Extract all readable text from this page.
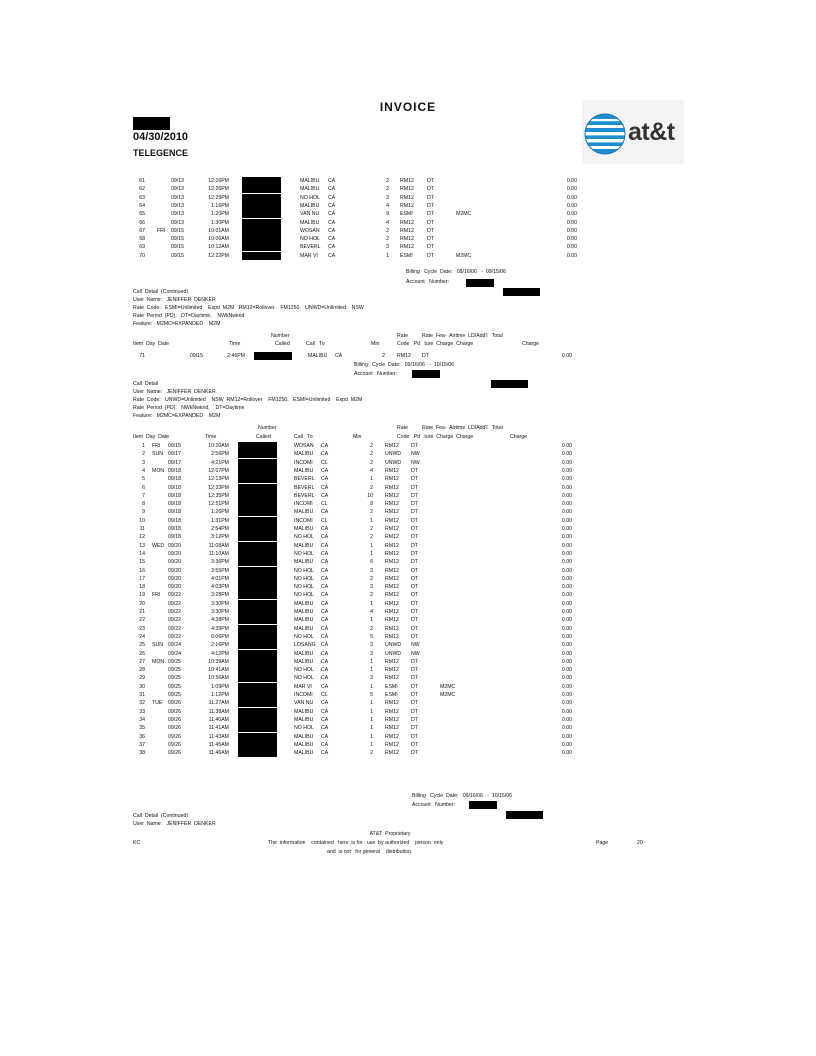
INVOICE
04/30/2010
TELEGENCE

at&t

61	09/13	12:16PM	MALIBU CA	2 RM12	DT	0.00
62	09/13	12:26PM	MALIBU CA	2 RM12	DT	0.00
63	09/13	12:29PM	NO HOL CA	3 RM12	DT	0.00
64	09/13	1:16PM	MALIBU CA	4 RM12	DT	0.00
65	09/13	1:20PM	VAN NU CA	9 ESMI	DT	M2MC	0.00
66	09/13	1:30PM	MALIBU CA	4 RM12	DT	0.00
67 FRI 09/15	10:01AM	WOSAN CA	2 RM12	DT	0.00
68	09/15	10:06AM	NO HOL CA	2 RM12	DT	0.00
69	09/15	10:12AM	BEVERL CA	3 RM12	DT	0.00
70	09/15	12:22PM	MAR VI CA	1 ESMI	DT	M2MC	0.00
Billing   Cycle  Date:   08/16/06   -  09/15/06
Account   Number:
Call  Detail  (Continued)
User  Name:   JENIFFER  DENKER
Rate  Code:   ESMI=Unlimited    Expd  M2M   RM12=Rollover    FM1250,   UNWD=Unlimited    NSW
Rate  Period  (PD):   DT=Daytime,    NWkNwknd
Feature:   M2MC=EXPANDED    M2M
Number	Rate	Rate  Fea-  Airtime  LD/Add'l   Total
Item  Day  Date	Time	Called	Call   To	Min	Code   Pd   ture  Charge  Charge	Charge
71	09/15	2:46PM	MALIBU CA	2 RM12 DT	0.00
Billing   Cycle  Date:   09/16/06   -  10/15/06
Account   Number:
Call  Detail
User  Name:   JENIFFER  DENKER
Rate  Code:   UNWD=Unlimited    NSW  RM12=Rollover    FM1250,   ESMI=Unlimited    Expd  M2M
Rate  Period  (PD):   NWkNwknd,    DT=Daytime
Feature:   M2MC=EXPANDED    M2M
Number	Rate	Rate  Fea-  Airtime  LD/Add'l   Total
Item  Day  Date	Time	Called	Call   To	Min	Code   Pd   ture  Charge  Charge	Charge
1 FRI 09/15	10:10AM	WOSAN CA	2 RM12 DT	0.00
2 SUN 09/17	2:56PM	MALIBU CA	2 UNWD NW	0.00
3	09/17	4:21PM	INCOMI CL	2 UNWD NW	0.00
4 MON 09/18	12:07PM	MALIBU CA	4 RM12 DT	0.00
5	09/18	12:13PM	BEVERL CA	1 RM12 DT	0.00
6	09/18	12:33PM	BEVERL CA	2 RM12 DT	0.00
7	09/18	12:35PM	BEVERL CA	10 RM12 DT	0.00
8	09/18	12:51PM	INCOMI CL	8 RM12 DT	0.00
9	09/18	1:26PM	MALIBU CA	2 RM12 DT	0.00
10	09/18	1:31PM	INCOMI CL	1 RM12 DT	0.00
11	09/18	2:54PM	MALIBU CA	2 RM12 DT	0.00
12	09/18	3:12PM	NO HOL CA	2 RM12 DT	0.00
13 WED 09/20	11:08AM	MALIBU CA	1 RM12 DT	0.00
14	09/20	11:10AM	NO HOL CA	1 RM12 DT	0.00
15	09/20	3:36PM	MALIBU CA	6 RM12 DT	0.00
16	09/20	3:55PM	NO HOL CA	3 RM12 DT	0.00
17	09/20	4:01PM	NO HOL CA	2 RM12 DT	0.00
18	09/20	4:03PM	NO HOL CA	3 RM12 DT	0.00
19 FRI 09/22	3:28PM	NO HOL CA	2 RM12 DT	0.00
20	09/22	3:30PM	MALIBU CA	1 RM12 DT	0.00
21	09/22	3:30PM	MALIBU CA	4 RM12 DT	0.00
22	09/22	4:38PM	MALIBU CA	1 RM12 DT	0.00
23	09/22	4:39PM	MALIBU CA	2 RM12 DT	0.00
24	09/22	6:06PM	NO HOL CA	5 RM12 DT	0.00
25 SUN 09/24	2:16PM	LOSANG CA	3 UNWD NW	0.00
26	09/24	4:12PM	MALIBU CA	3 UNWD NW	0.00
27 MON 09/25	10:39AM	MALIBU CA	1 RM12 DT	0.00
28	09/25	10:41AM	NO HOL CA	1 RM12 DT	0.00
29	09/25	10:56AM	NO HOL CA	3 RM12 DT	0.00
30	09/25	1:09PM	MAR VI CA	1 ESMI	DT	M2MC	0.00
31	09/25	1:12PM	INCOMI CL	5 ESMI	DT	M2MC	0.00
32 TUE 09/26	11:27AM	VAN NU CA	1 RM12 DT	0.00
33	09/26	11:38AM	MALIBU CA	1 RM12 DT	0.00
34	09/26	11:40AM	MALIBU CA	1 RM12 DT	0.00
35	09/26	11:41AM	NO HOL CA	1 RM12 DT	0.00
36	09/26	11:43AM	MALIBU CA	1 RM12 DT	0.00
37	09/26	11:45AM	MALIBU CA	1 RM12 DT	0.00
38	09/26	11:46AM	MALIBU CA	2 RM12 DT	0.00
Billing   Cycle  Date:   09/16/06   -  10/15/06
Account   Number:
Call  Detail  (Continued)
User  Name:   JENIFFER  DENKER
KC
AT&T  Proprietary
The  information    contained   here  is for   use  by authorized    person  only
and  is not   for general    distribution.
Page	20
